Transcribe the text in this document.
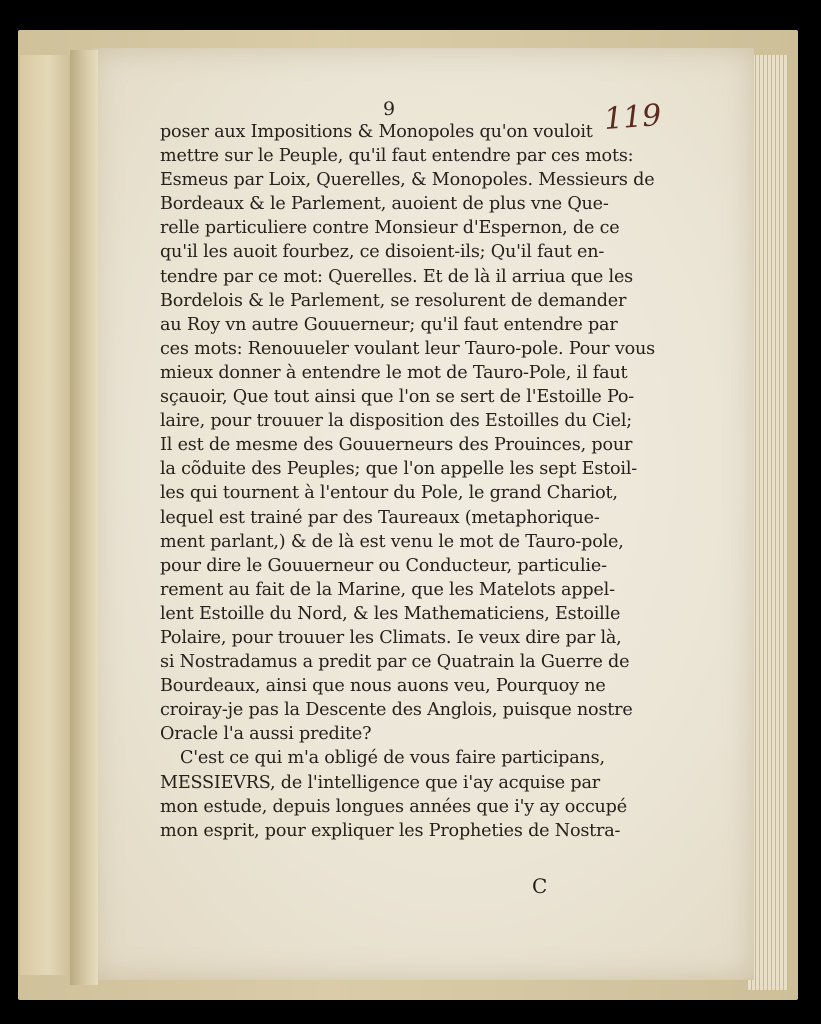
9	119
poser aux Impositions & Monopoles qu'on vouloit
mettre sur le Peuple, qu'il faut entendre par ces mots:
Esmeus par Loix, Querelles, & Monopoles. Messieurs de
Bordeaux & le Parlement, auoient de plus vne Que-
relle particuliere contre Monsieur d'Espernon, de ce
qu'il les auoit fourbez, ce disoient-ils; Qu'il faut en-
tendre par ce mot: Querelles. Et de là il arriua que les
Bordelois & le Parlement, se resolurent de demander
au Roy vn autre Gouuerneur; qu'il faut entendre par
ces mots: Renouueler voulant leur Tauro-pole. Pour vous
mieux donner à entendre le mot de Tauro-Pole, il faut
sçauoir, Que tout ainsi que l'on se sert de l'Estoille Po-
laire, pour trouuer la disposition des Estoilles du Ciel;
Il est de mesme des Gouuerneurs des Prouinces, pour
la cõduite des Peuples; que l'on appelle les sept Estoil-
les qui tournent à l'entour du Pole, le grand Chariot,
lequel est trainé par des Taureaux (metaphorique-
ment parlant,) & de là est venu le mot de Tauro-pole,
pour dire le Gouuerneur ou Conducteur, particulie-
rement au fait de la Marine, que les Matelots appel-
lent Estoille du Nord, & les Mathematiciens, Estoille
Polaire, pour trouuer les Climats. Ie veux dire par là,
si Nostradamus a predit par ce Quatrain la Guerre de
Bourdeaux, ainsi que nous auons veu, Pourquoy ne
croiray-je pas la Descente des Anglois, puisque nostre
Oracle l'a aussi predite?
C'est ce qui m'a obligé de vous faire participans,
MESSIEVRS, de l'intelligence que i'ay acquise par
mon estude, depuis longues années que i'y ay occupé
mon esprit, pour expliquer les Propheties de Nostra-
C
